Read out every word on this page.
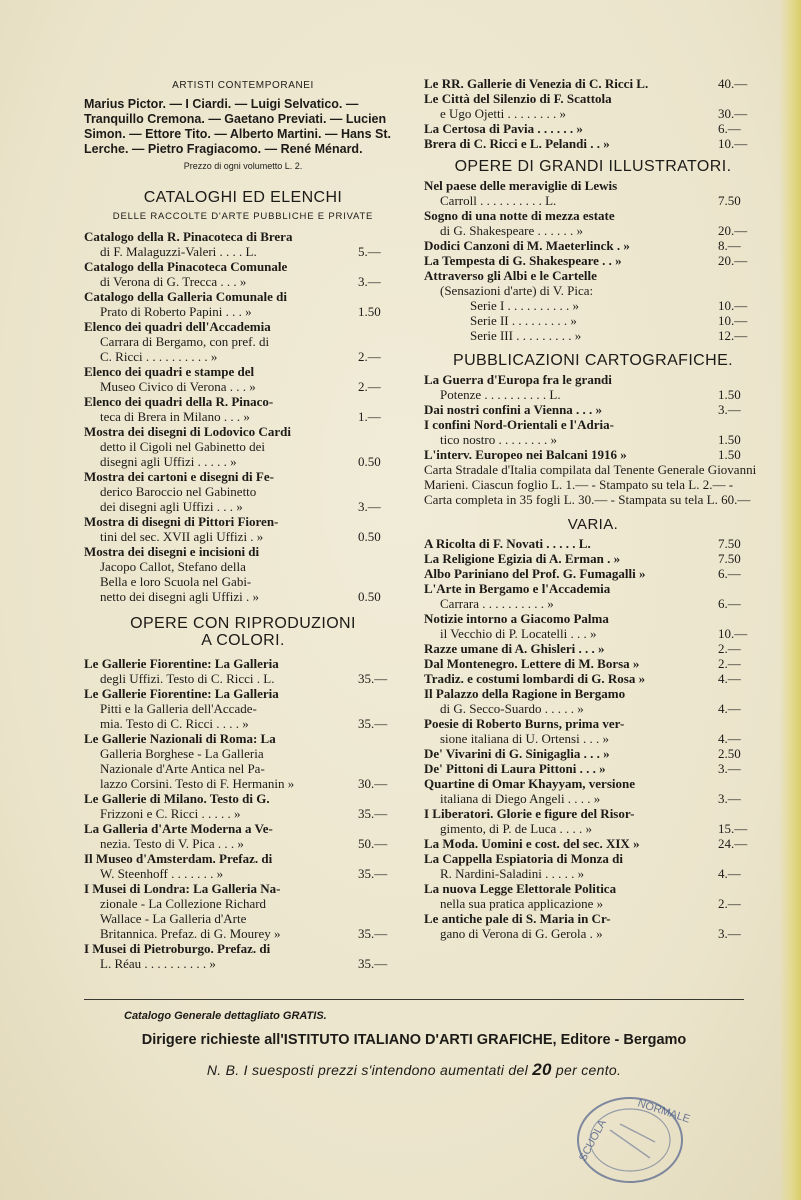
ARTISTI CONTEMPORANEI
Marius Pictor. — I Ciardi. — Luigi Selvatico. — Tranquillo Cremona. — Gaetano Previati. — Lucien Simon. — Ettore Tito. — Alberto Martini. — Hans St. Lerche. — Pietro Fragiacomo. — René Ménard.
Prezzo di ogni volumetto L. 2.
CATALOGHI ED ELENCHI
DELLE RACCOLTE D'ARTE PUBBLICHE E PRIVATE
Catalogo della R. Pinacoteca di Brera
di F. Malaguzzi-Valeri . . . . L.	5.—
Catalogo della Pinacoteca Comunale
di Verona di G. Trecca . . . »	3.—
Catalogo della Galleria Comunale di
Prato di Roberto Papini . . . »	1.50
Elenco dei quadri dell'Accademia
Carrara di Bergamo, con pref. di
C. Ricci . . . . . . . . . . »	2.—
Elenco dei quadri e stampe del
Museo Civico di Verona . . . »	2.—
Elenco dei quadri della R. Pinaco-
teca di Brera in Milano . . . »	1.—
Mostra dei disegni di Lodovico Cardi
detto il Cigoli nel Gabinetto dei
disegni agli Uffizi . . . . . »	0.50
Mostra dei cartoni e disegni di Fe-
derico Baroccio nel Gabinetto
dei disegni agli Uffizi . . . »	3.—
Mostra di disegni di Pittori Fioren-
tini del sec. XVII agli Uffizi . »	0.50
Mostra dei disegni e incisioni di
Jacopo Callot, Stefano della
Bella e loro Scuola nel Gabi-
netto dei disegni agli Uffizi . »	0.50
OPERE CON RIPRODUZIONI
A COLORI.
Le Gallerie Fiorentine: La Galleria
degli Uffizi. Testo di C. Ricci . L.	35.—
Le Gallerie Fiorentine: La Galleria
Pitti e la Galleria dell'Accade-
mia. Testo di C. Ricci . . . . »	35.—
Le Gallerie Nazionali di Roma: La
Galleria Borghese - La Galleria
Nazionale d'Arte Antica nel Pa-
lazzo Corsini. Testo di F. Hermanin »	30.—
Le Gallerie di Milano. Testo di G.
Frizzoni e C. Ricci . . . . . »	35.—
La Galleria d'Arte Moderna a Ve-
nezia. Testo di V. Pica . . . »	50.—
Il Museo d'Amsterdam. Prefaz. di
W. Steenhoff . . . . . . . »	35.—
I Musei di Londra: La Galleria Na-
zionale - La Collezione Richard
Wallace - La Galleria d'Arte
Britannica. Prefaz. di G. Mourey »	35.—
I Musei di Pietroburgo. Prefaz. di
L. Réau . . . . . . . . . . »	35.—
Le RR. Gallerie di Venezia di C. Ricci L.	40.—
Le Città del Silenzio di F. Scattola
e Ugo Ojetti . . . . . . . . »	30.—
La Certosa di Pavia . . . . . . »	6.—
Brera di C. Ricci e L. Pelandi . . »	10.—
OPERE DI GRANDI ILLUSTRATORI.
Nel paese delle meraviglie di Lewis
Carroll . . . . . . . . . . L.	7.50
Sogno di una notte di mezza estate
di G. Shakespeare . . . . . . »	20.—
Dodici Canzoni di M. Maeterlinck . »	8.—
La Tempesta di G. Shakespeare . . »	20.—
Attraverso gli Albi e le Cartelle
(Sensazioni d'arte) di V. Pica:
Serie I . . . . . . . . . . »	10.—
Serie II . . . . . . . . . »	10.—
Serie III . . . . . . . . . »	12.—
PUBBLICAZIONI CARTOGRAFICHE.
La Guerra d'Europa fra le grandi
Potenze . . . . . . . . . . L.	1.50
Dai nostri confini a Vienna . . . »	3.—
I confini Nord-Orientali e l'Adria-
tico nostro . . . . . . . . »	1.50
L'interv. Europeo nei Balcani 1916 »	1.50
Carta Stradale d'Italia compilata dal Tenente Generale Giovanni Marieni. Ciascun foglio L. 1.— - Stampato su tela L. 2.— - Carta completa in 35 fogli L. 30.— - Stampata su tela L. 60.—
VARIA.
A Ricolta di F. Novati . . . . . L.	7.50
La Religione Egizia di A. Erman . »	7.50
Albo Pariniano del Prof. G. Fumagalli »	6.—
L'Arte in Bergamo e l'Accademia
Carrara . . . . . . . . . . »	6.—
Notizie intorno a Giacomo Palma
il Vecchio di P. Locatelli . . . »	10.—
Razze umane di A. Ghisleri . . . »	2.—
Dal Montenegro. Lettere di M. Borsa »	2.—
Tradiz. e costumi lombardi di G. Rosa »	4.—
Il Palazzo della Ragione in Bergamo
di G. Secco-Suardo . . . . . »	4.—
Poesie di Roberto Burns, prima ver-
sione italiana di U. Ortensi . . . »	4.—
De' Vivarini di G. Sinigaglia . . . »	2.50
De' Pittoni di Laura Pittoni . . . »	3.—
Quartine di Omar Khayyam, versione
italiana di Diego Angeli . . . . »	3.—
I Liberatori. Glorie e figure del Risor-
gimento, di P. de Luca . . . . »	15.—
La Moda. Uomini e cost. del sec. XIX »	24.—
La Cappella Espiatoria di Monza di
R. Nardini-Saladini . . . . . »	4.—
La nuova Legge Elettorale Politica
nella sua pratica applicazione »	2.—
Le antiche pale di S. Maria in Cr-
gano di Verona di G. Gerola . »	3.—
Catalogo Generale dettagliato GRATIS.
Dirigere richieste all'ISTITUTO ITALIANO D'ARTI GRAFICHE, Editore - Bergamo
N. B. I suesposti prezzi s'intendono aumentati del 20 per cento.
NORMALE
SCUOLA
